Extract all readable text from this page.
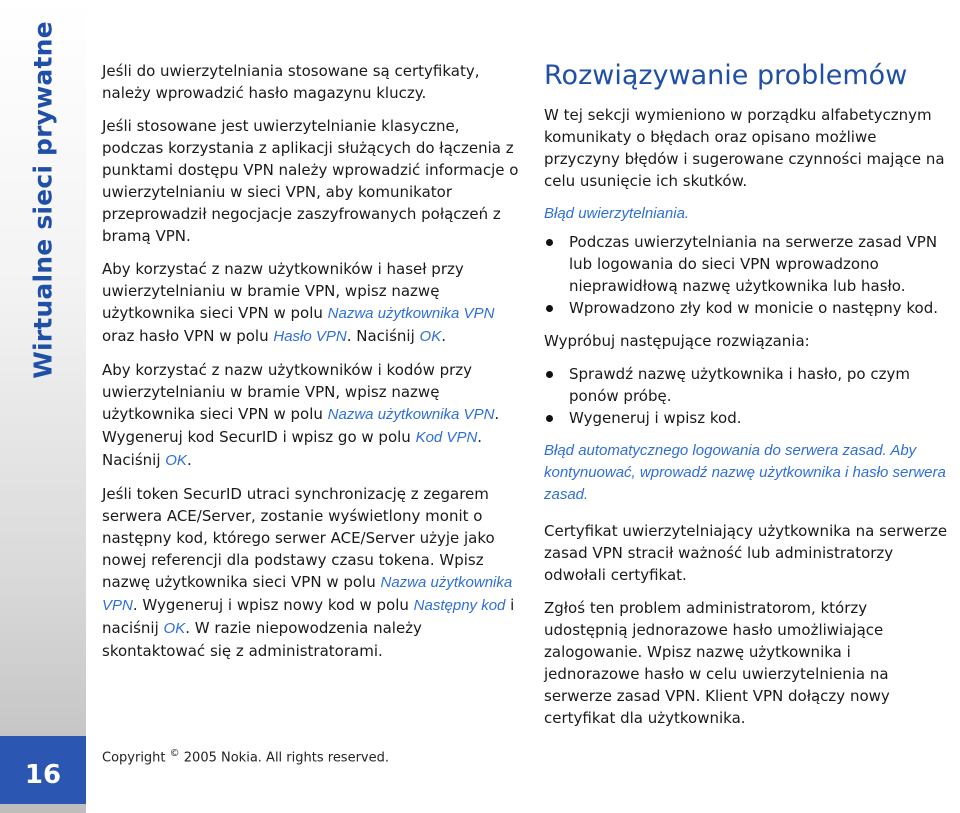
Wirtualne sieci prywatne
16

Jeśli do uwierzytelniania stosowane są certyfikaty, należy wprowadzić hasło magazynu kluczy.

Jeśli stosowane jest uwierzytelnianie klasyczne, podczas korzystania z aplikacji służących do łączenia z punktami dostępu VPN należy wprowadzić informacje o uwierzytelnianiu w sieci VPN, aby komunikator przeprowadził negocjacje zaszyfrowanych połączeń z bramą VPN.

Aby korzystać z nazw użytkowników i haseł przy uwierzytelnianiu w bramie VPN, wpisz nazwę użytkownika sieci VPN w polu Nazwa użytkownika VPN oraz hasło VPN w polu Hasło VPN. Naciśnij OK.

Aby korzystać z nazw użytkowników i kodów przy uwierzytelnianiu w bramie VPN, wpisz nazwę użytkownika sieci VPN w polu Nazwa użytkownika VPN. Wygeneruj kod SecurID i wpisz go w polu Kod VPN. Naciśnij OK.

Jeśli token SecurID utraci synchronizację z zegarem serwera ACE/Server, zostanie wyświetlony monit o następny kod, którego serwer ACE/Server użyje jako nowej referencji dla podstawy czasu tokena. Wpisz nazwę użytkownika sieci VPN w polu Nazwa użytkownika VPN. Wygeneruj i wpisz nowy kod w polu Następny kod i naciśnij OK. W razie niepowodzenia należy skontaktować się z administratorami.

Rozwiązywanie problemów

W tej sekcji wymieniono w porządku alfabetycznym komunikaty o błędach oraz opisano możliwe przyczyny błędów i sugerowane czynności mające na celu usunięcie ich skutków.

Błąd uwierzytelniania.
Podczas uwierzytelniania na serwerze zasad VPN lub logowania do sieci VPN wprowadzono nieprawidłową nazwę użytkownika lub hasło.
Wprowadzono zły kod w monicie o następny kod.

Wypróbuj następujące rozwiązania:

Sprawdź nazwę użytkownika i hasło, po czym ponów próbę.
Wygeneruj i wpisz kod.
Błąd automatycznego logowania do serwera zasad. Aby kontynuować, wprowadź nazwę użytkownika i hasło serwera zasad.

Certyfikat uwierzytelniający użytkownika na serwerze zasad VPN stracił ważność lub administratorzy odwołali certyfikat.

Zgłoś ten problem administratorom, którzy udostępnią jednorazowe hasło umożliwiające zalogowanie. Wpisz nazwę użytkownika i jednorazowe hasło w celu uwierzytelnienia na serwerze zasad VPN. Klient VPN dołączy nowy certyfikat dla użytkownika.

Copyright © 2005 Nokia. All rights reserved.
